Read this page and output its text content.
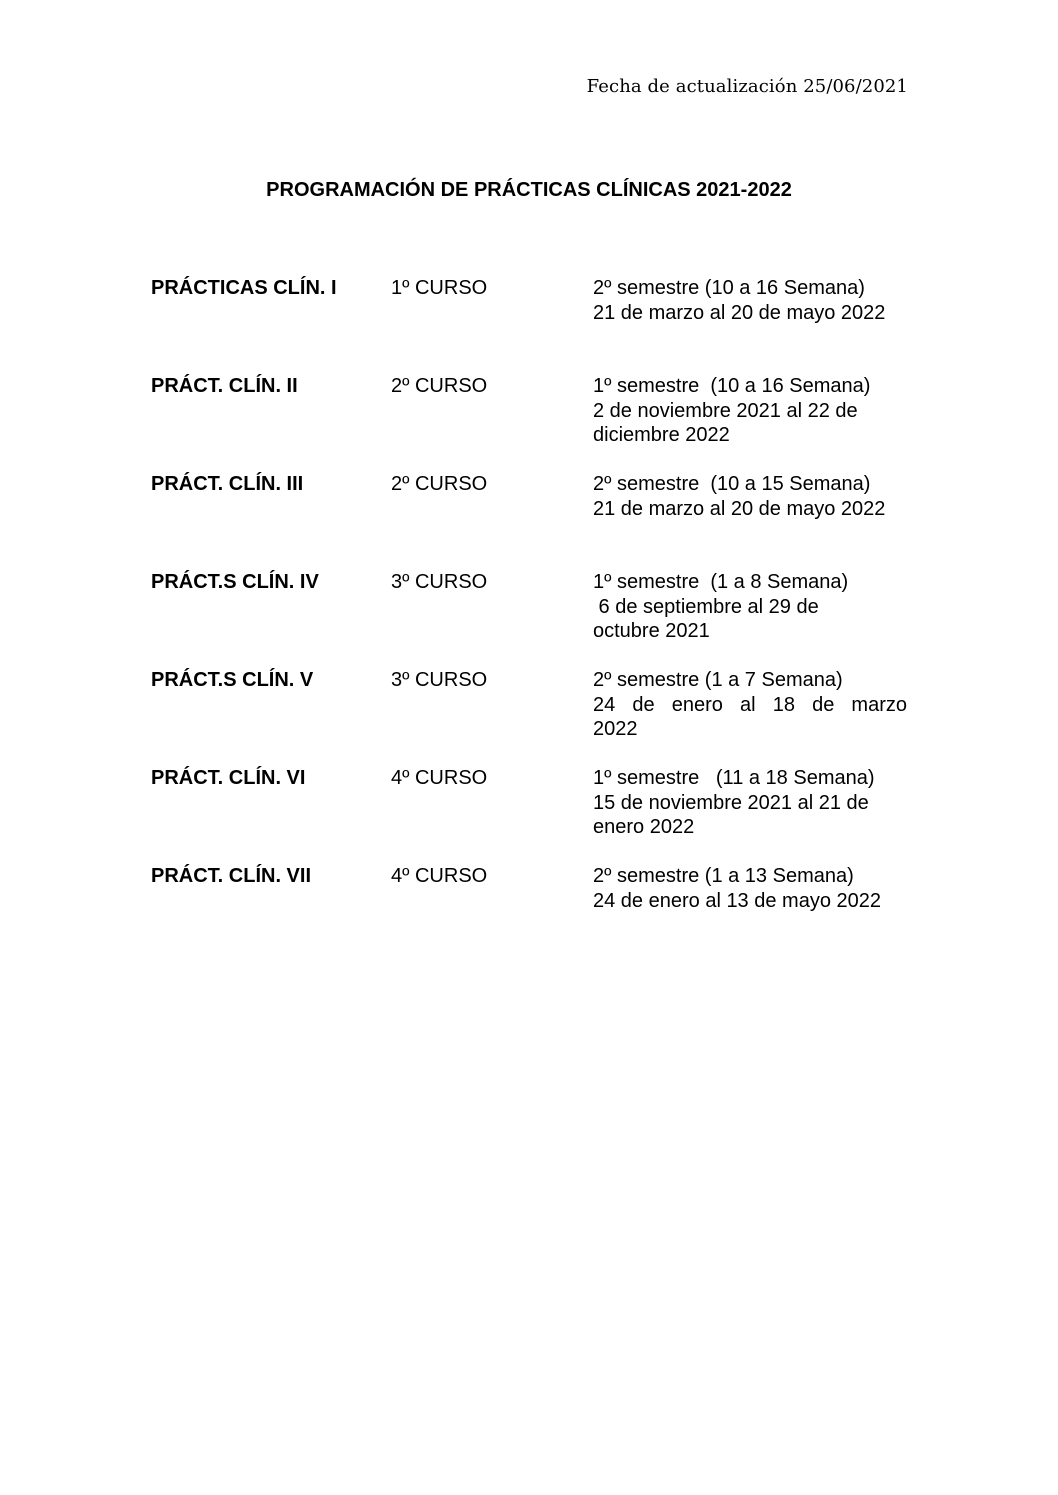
Fecha de actualización 25/06/2021
PROGRAMACIÓN DE PRÁCTICAS CLÍNICAS 2021-2022
PRÁCTICAS CLÍN. I	1º CURSO	2º semestre (10 a 16 Semana)
21 de marzo al 20 de mayo 2022
PRÁCT. CLÍN. II	2º CURSO	1º semestre  (10 a 16 Semana)
2 de noviembre 2021 al 22 de
diciembre 2022
PRÁCT. CLÍN. III	2º CURSO	2º semestre  (10 a 15 Semana)
21 de marzo al 20 de mayo 2022
PRÁCT.S CLÍN. IV	3º CURSO	1º semestre  (1 a 8 Semana)
6 de septiembre al 29 de
octubre 2021
PRÁCT.S CLÍN. V	3º CURSO	2º semestre (1 a 7 Semana)
24 de enero al 18 de marzo
2022
PRÁCT. CLÍN. VI	4º CURSO	1º semestre   (11 a 18 Semana)
15 de noviembre 2021 al 21 de
enero 2022
PRÁCT. CLÍN. VII	4º CURSO	2º semestre (1 a 13 Semana)
24 de enero al 13 de mayo 2022
